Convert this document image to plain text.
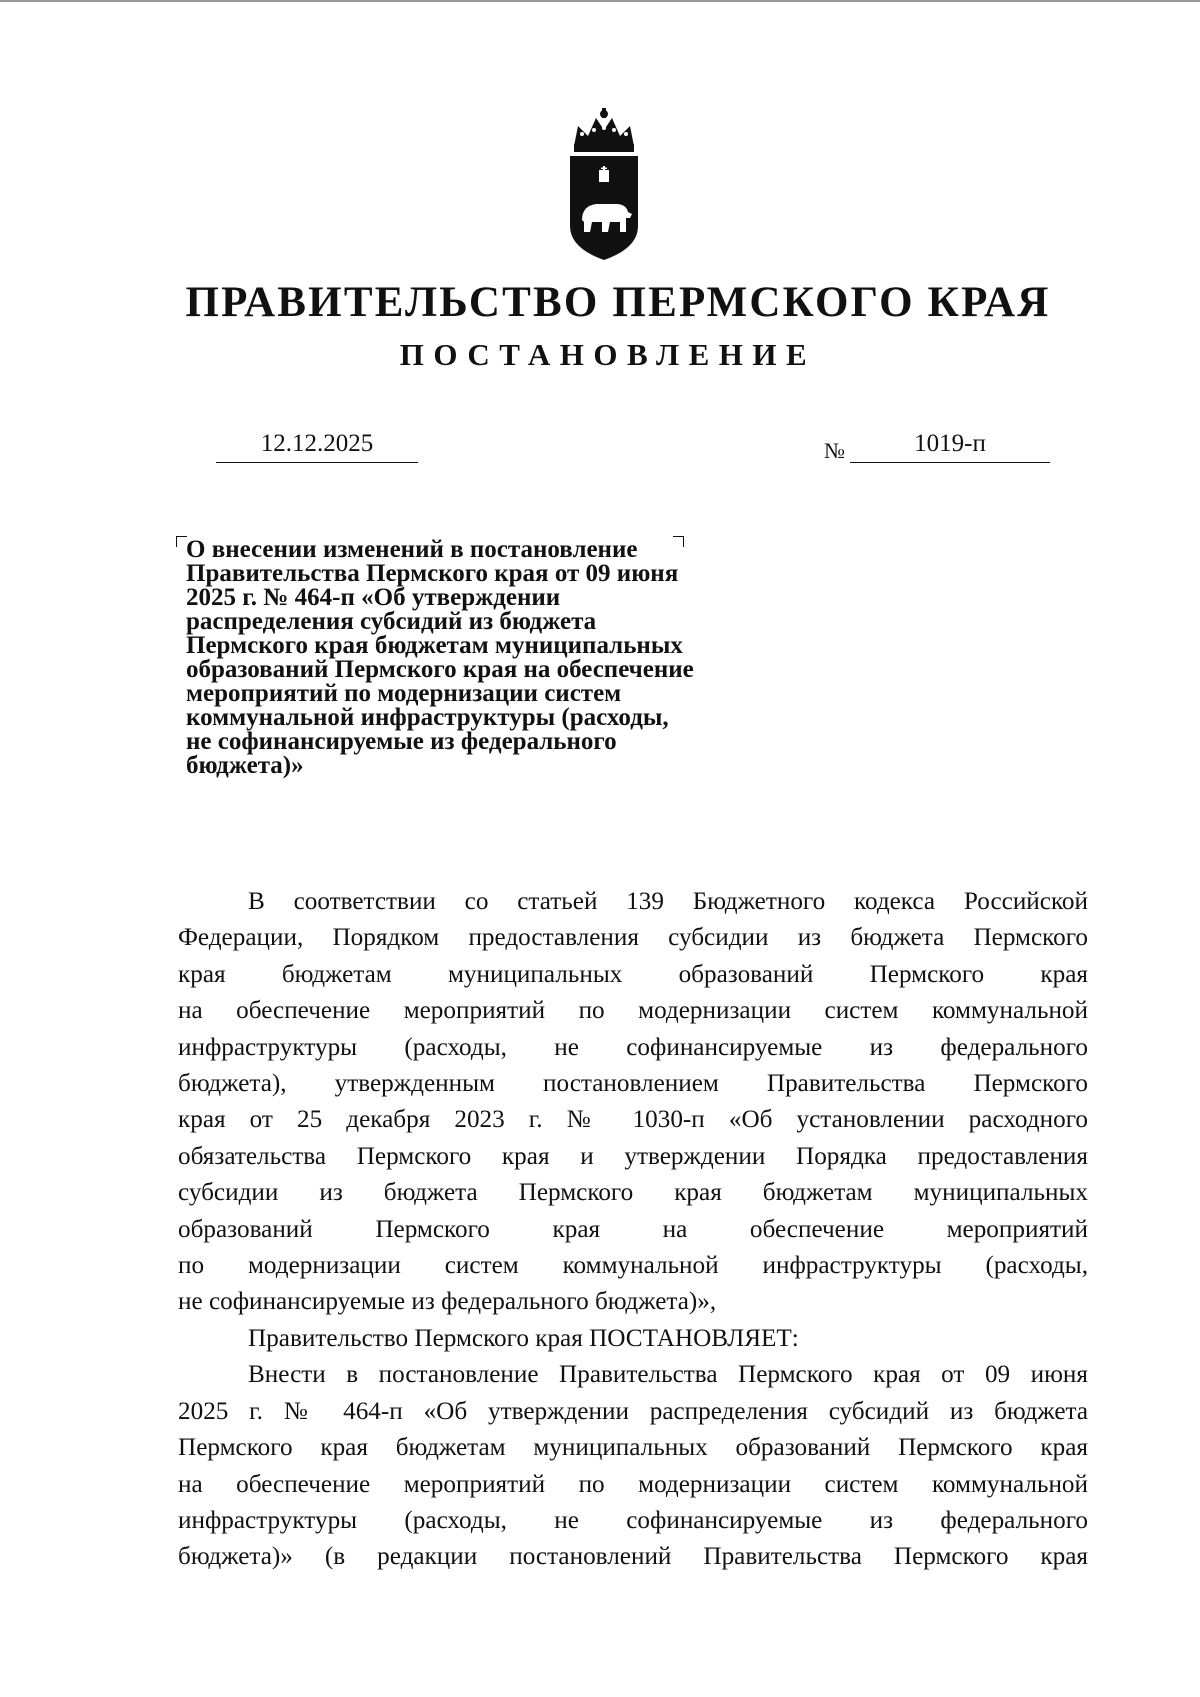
ПРАВИТЕЛЬСТВО ПЕРМСКОГО КРАЯ
ПОСТАНОВЛЕНИЕ
12.12.2025	№	1019-п
О внесении изменений в постановление
Правительства Пермского края от 09 июня
2025 г. № 464-п «Об утверждении
распределения субсидий из бюджета
Пермского края бюджетам муниципальных
образований Пермского края на обеспечение
мероприятий по модернизации систем
коммунальной инфраструктуры (расходы,
не софинансируемые из федерального
бюджета)»
В соответствии со статьей 139 Бюджетного кодекса Российской
Федерации, Порядком предоставления субсидии из бюджета Пермского
края бюджетам муниципальных образований Пермского края
на обеспечение мероприятий по модернизации систем коммунальной
инфраструктуры (расходы, не софинансируемые из федерального
бюджета), утвержденным постановлением Правительства Пермского
края от 25 декабря 2023 г. № 1030-п «Об установлении расходного
обязательства Пермского края и утверждении Порядка предоставления
субсидии из бюджета Пермского края бюджетам муниципальных
образований Пермского края на обеспечение мероприятий
по модернизации систем коммунальной инфраструктуры (расходы,
не софинансируемые из федерального бюджета)»,
Правительство Пермского края ПОСТАНОВЛЯЕТ:
Внести в постановление Правительства Пермского края от 09 июня
2025 г. № 464-п «Об утверждении распределения субсидий из бюджета
Пермского края бюджетам муниципальных образований Пермского края
на обеспечение мероприятий по модернизации систем коммунальной
инфраструктуры (расходы, не софинансируемые из федерального
бюджета)» (в редакции постановлений Правительства Пермского края
